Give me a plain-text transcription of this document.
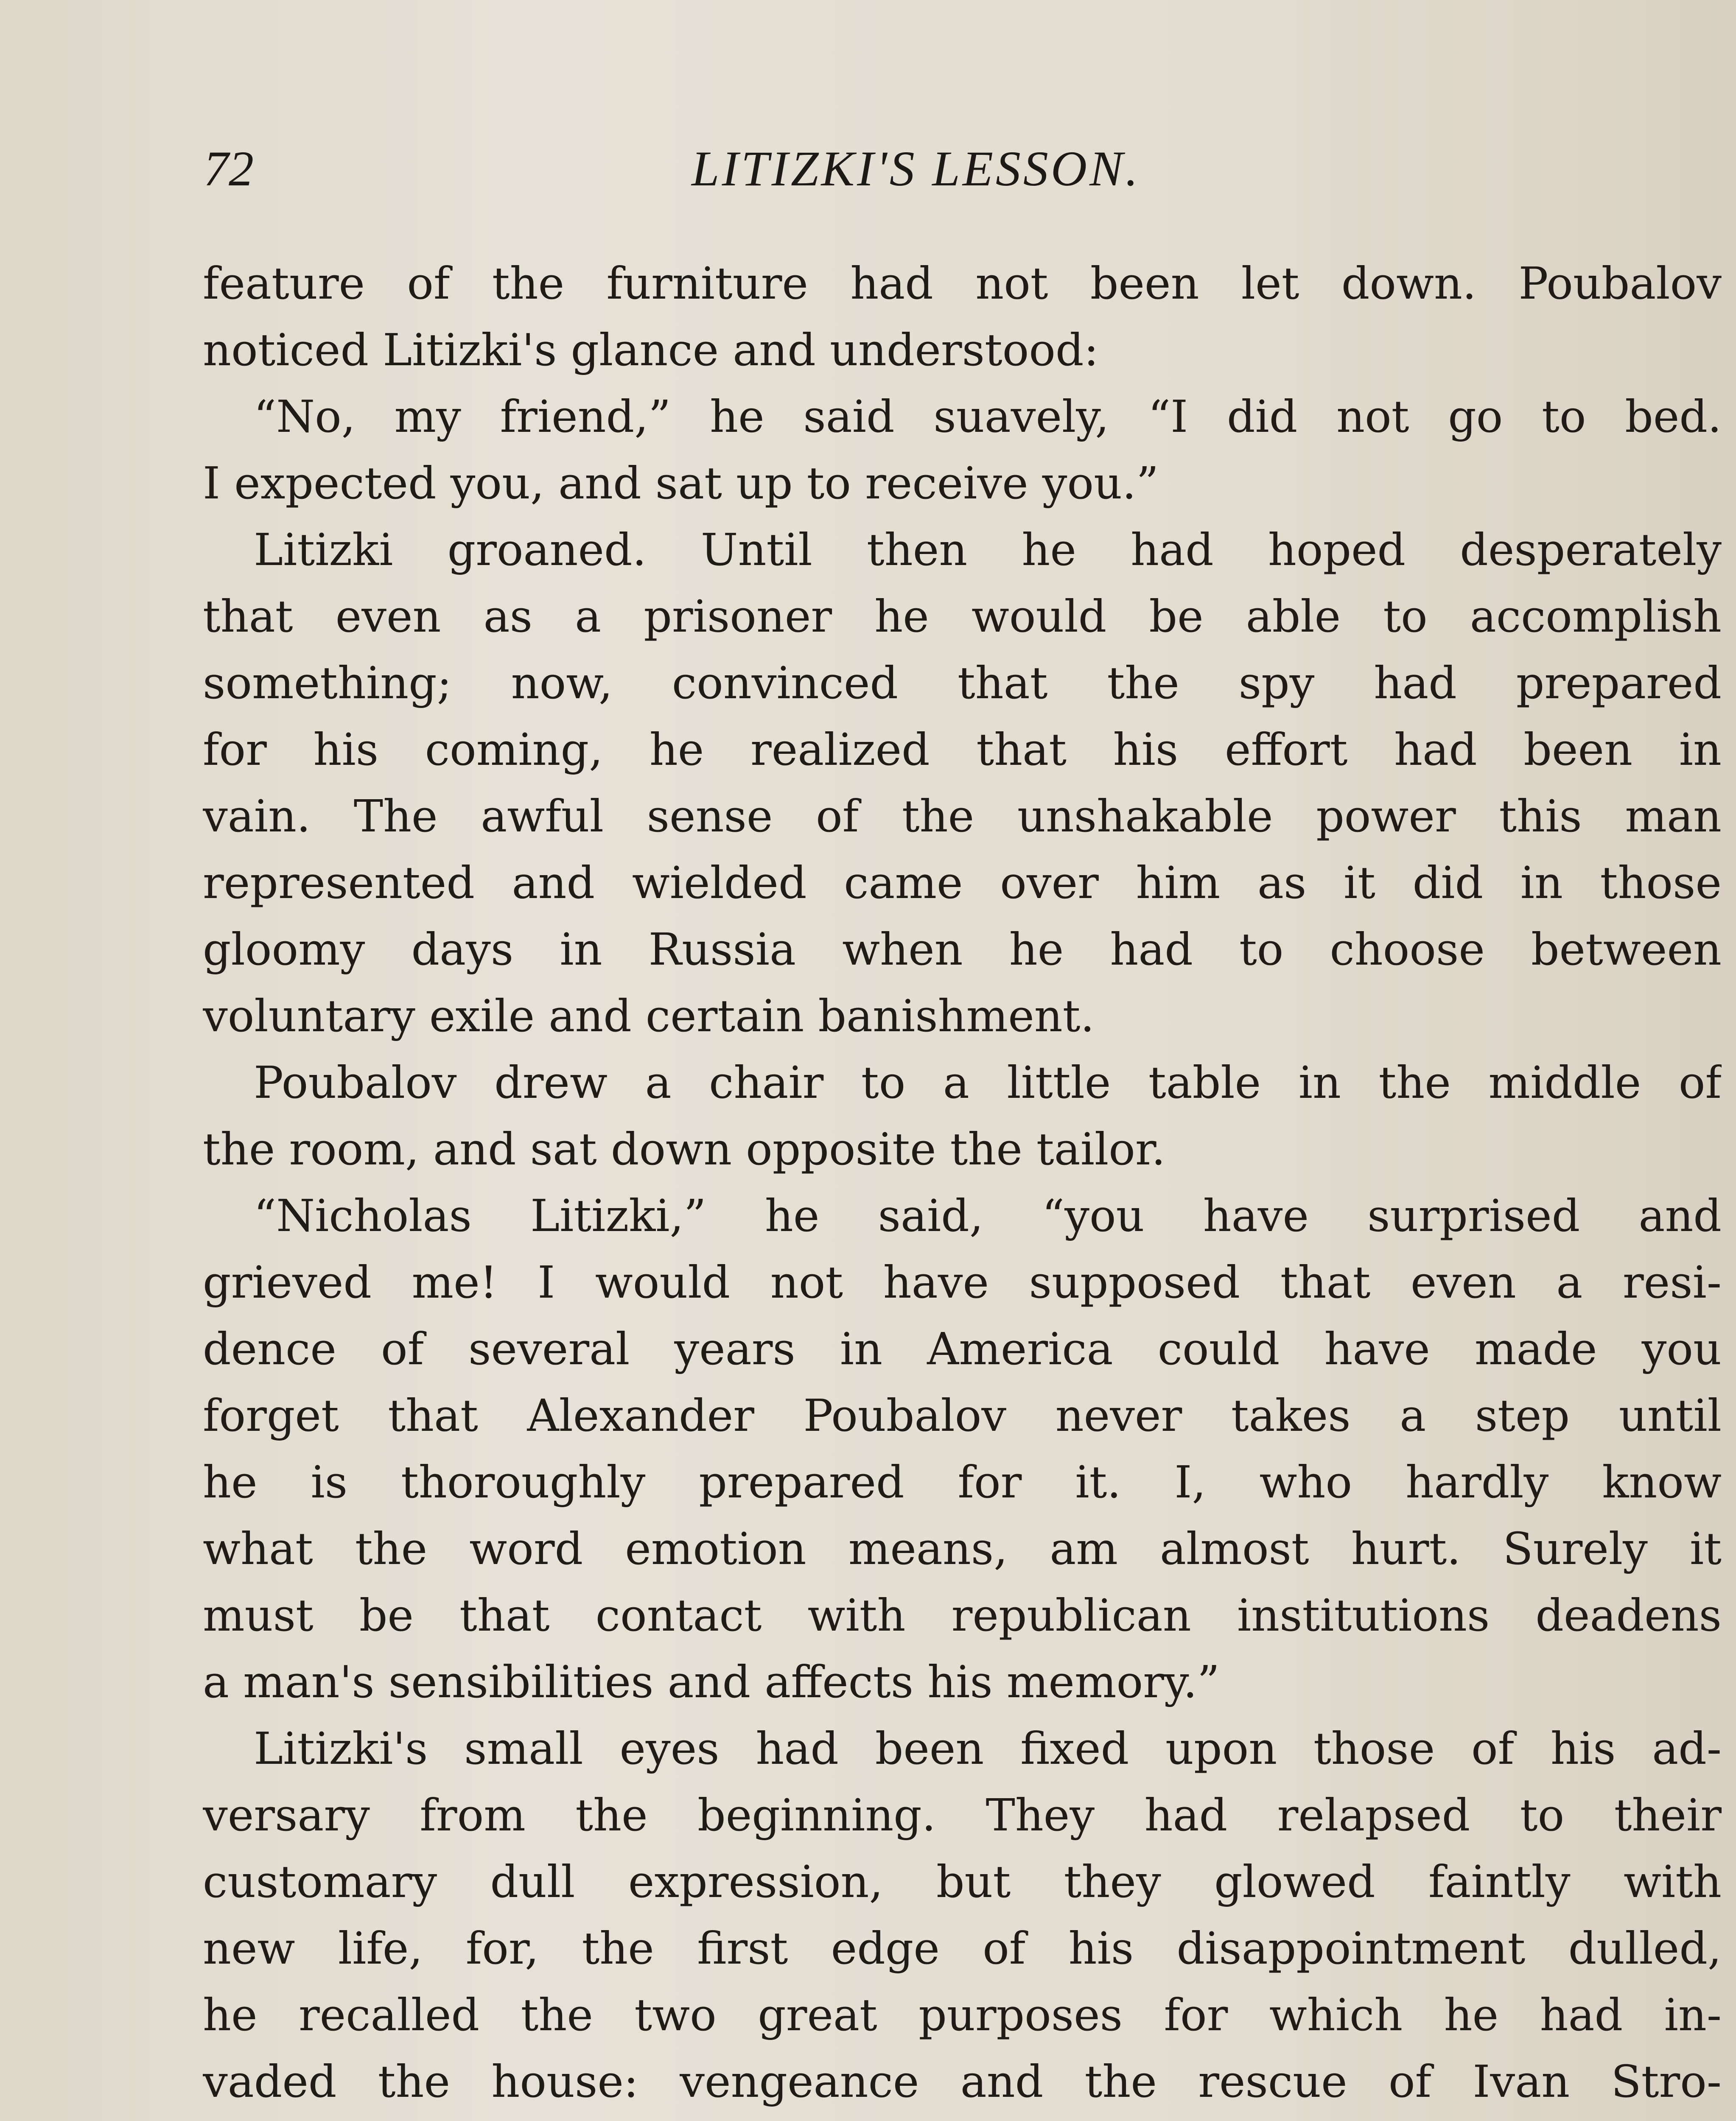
72	LITIZKI'S LESSON.
feature of the furniture had not been let down. Poubalov
noticed Litizki's glance and understood:
“No, my friend,” he said suavely, “I did not go to bed.
I expected you, and sat up to receive you.”
Litizki groaned. Until then he had hoped desperately
that even as a prisoner he would be able to accomplish
something; now, convinced that the spy had prepared
for his coming, he realized that his effort had been in
vain. The awful sense of the unshakable power this man
represented and wielded came over him as it did in those
gloomy days in Russia when he had to choose between
voluntary exile and certain banishment.
Poubalov drew a chair to a little table in the middle of
the room, and sat down opposite the tailor.
“Nicholas Litizki,” he said, “you have surprised and
grieved me! I would not have supposed that even a resi-
dence of several years in America could have made you
forget that Alexander Poubalov never takes a step until
he is thoroughly prepared for it. I, who hardly know
what the word emotion means, am almost hurt. Surely it
must be that contact with republican institutions deadens
a man's sensibilities and affects his memory.”
Litizki's small eyes had been fixed upon those of his ad-
versary from the beginning. They had relapsed to their
customary dull expression, but they glowed faintly with
new life, for, the first edge of his disappointment dulled,
he recalled the two great purposes for which he had in-
vaded the house: vengeance and the rescue of Ivan Stro-
